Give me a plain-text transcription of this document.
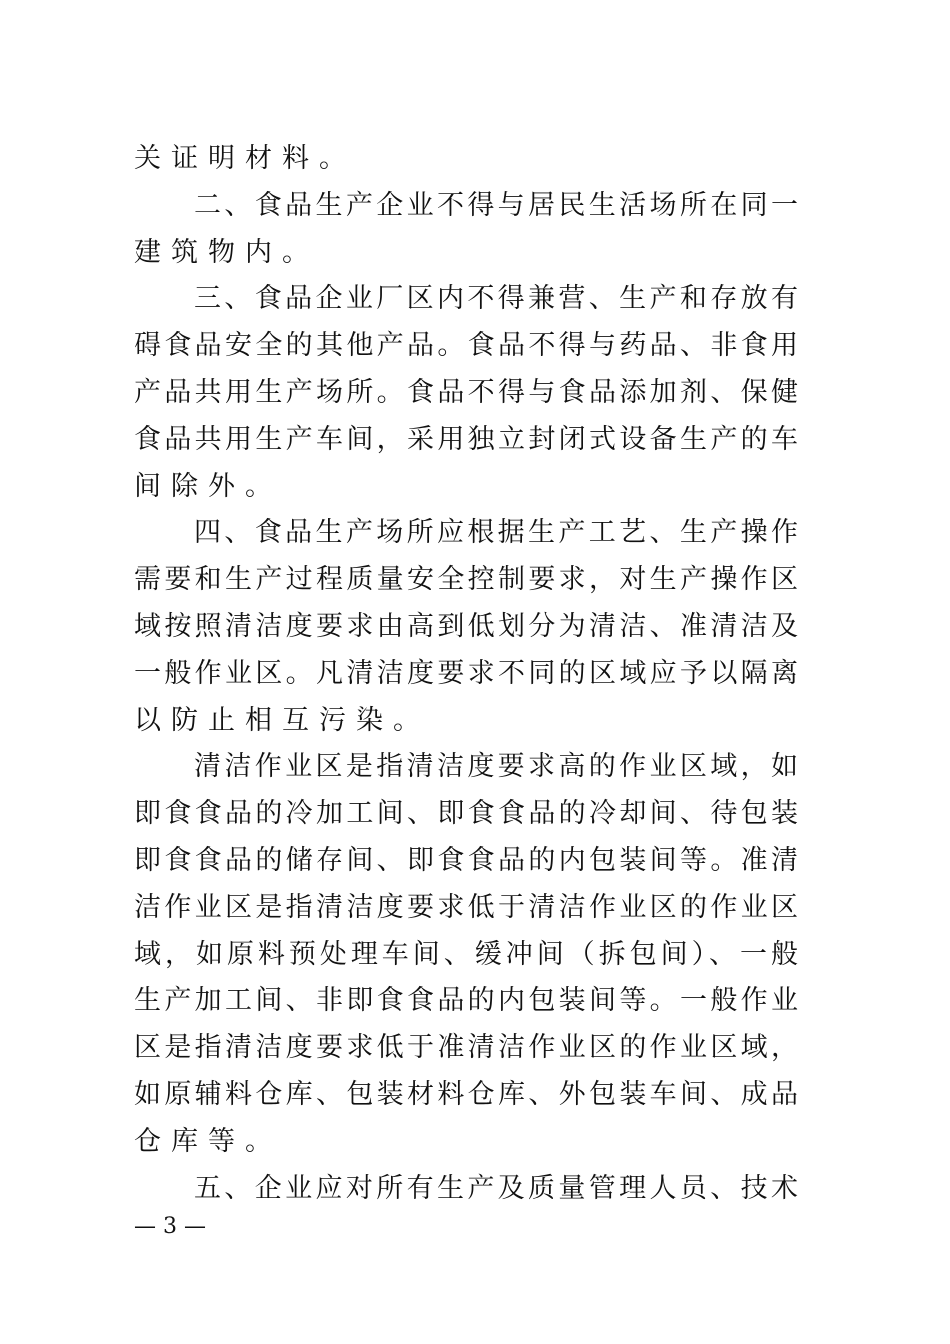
关证明材料。
二、食品生产企业不得与居民生活场所在同一
建筑物内。
三、食品企业厂区内不得兼营、生产和存放有
碍食品安全的其他产品。食品不得与药品、非食用
产品共用生产场所。食品不得与食品添加剂、保健
食品共用生产车间，采用独立封闭式设备生产的车
间除外。
四、食品生产场所应根据生产工艺、生产操作
需要和生产过程质量安全控制要求，对生产操作区
域按照清洁度要求由高到低划分为清洁、准清洁及
一般作业区。凡清洁度要求不同的区域应予以隔离
以防止相互污染。
清洁作业区是指清洁度要求高的作业区域，如
即食食品的冷加工间、即食食品的冷却间、待包装
即食食品的储存间、即食食品的内包装间等。准清
洁作业区是指清洁度要求低于清洁作业区的作业区
域，如原料预处理车间、缓冲间（拆包间）、一般
生产加工间、非即食食品的内包装间等。一般作业
区是指清洁度要求低于准清洁作业区的作业区域，
如原辅料仓库、包装材料仓库、外包装车间、成品
仓库等。
五、企业应对所有生产及质量管理人员、技术
— 3 —
